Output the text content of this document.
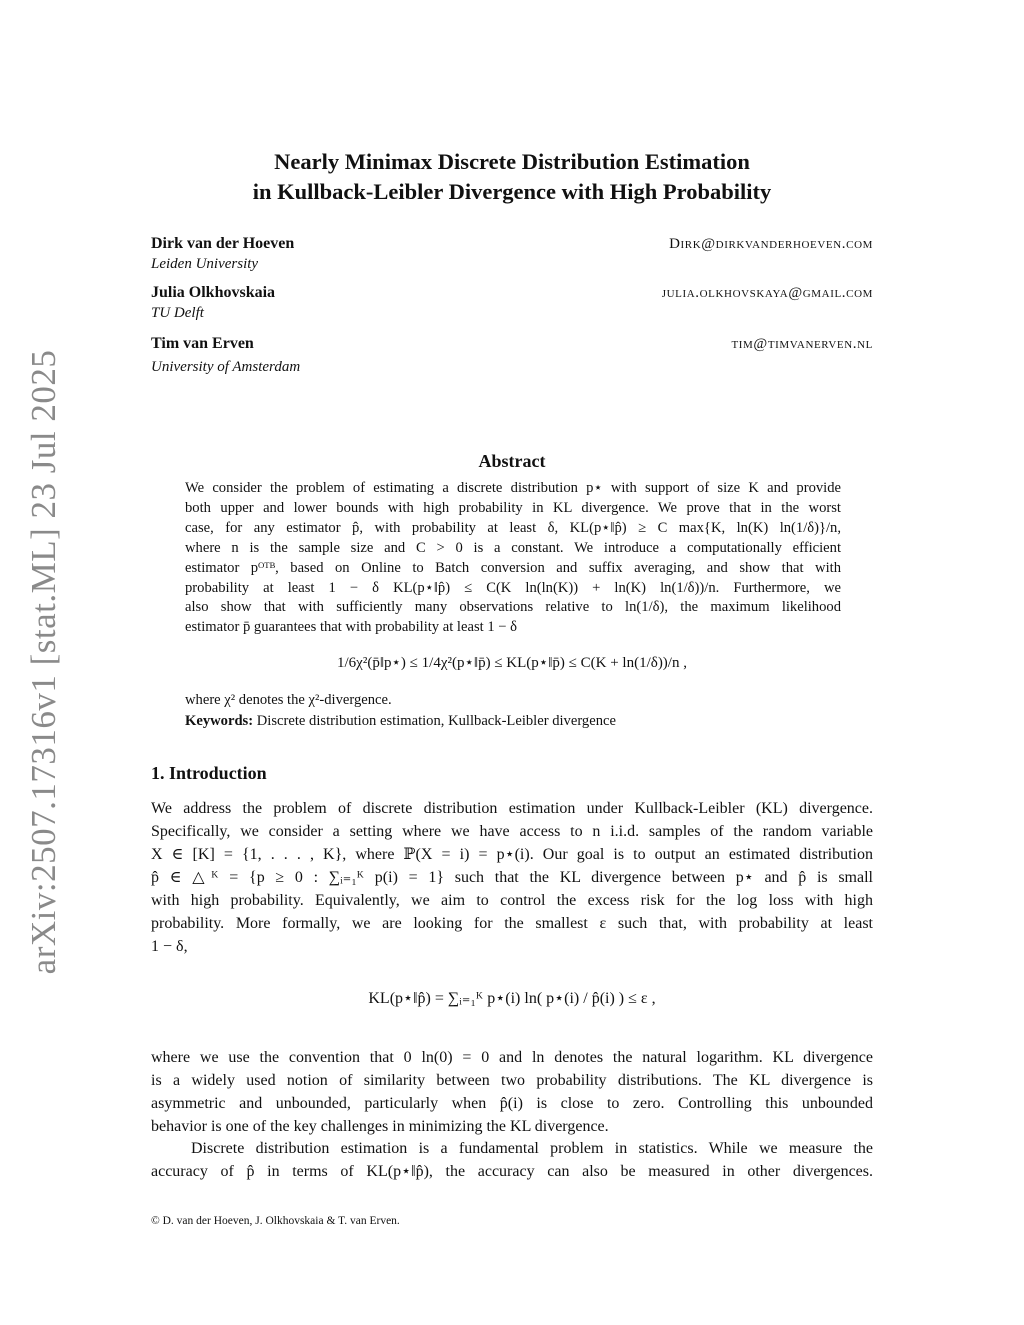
arXiv:2507.17316v1 [stat.ML] 23 Jul 2025
Nearly Minimax Discrete Distribution Estimation
in Kullback-Leibler Divergence with High Probability
Dirk van der Hoeven	Dirk@dirkvanderhoeven.com
Leiden University
Julia Olkhovskaia	julia.olkhovskaya@gmail.com
TU Delft
Tim van Erven	tim@timvanerven.nl
University of Amsterdam
Abstract
We consider the problem of estimating a discrete distribution p⋆ with support of size K and provide
both upper and lower bounds with high probability in KL divergence. We prove that in the worst
case, for any estimator p̂, with probability at least δ, KL(p⋆‖p̂) ≥ C max{K, ln(K) ln(1/δ)}/n,
where n is the sample size and C > 0 is a constant. We introduce a computationally efficient
estimator pᴼᵀᴮ, based on Online to Batch conversion and suffix averaging, and show that with
probability at least 1 − δ KL(p⋆‖p̂) ≤ C(K ln(ln(K)) + ln(K) ln(1/δ))/n. Furthermore, we
also show that with sufficiently many observations relative to ln(1/δ), the maximum likelihood
estimator p̄ guarantees that with probability at least 1 − δ
1/6χ²(p̄‖p⋆) ≤ 1/4χ²(p⋆‖p̄) ≤ KL(p⋆‖p̄) ≤ C(K + ln(1/δ))/n ,
where χ² denotes the χ²-divergence.
Keywords: Discrete distribution estimation, Kullback-Leibler divergence
1. Introduction
We address the problem of discrete distribution estimation under Kullback-Leibler (KL) divergence.
Specifically, we consider a setting where we have access to n i.i.d. samples of the random variable
X ∈ [K] = {1, . . . , K}, where ℙ(X = i) = p⋆(i). Our goal is to output an estimated distribution
p̂ ∈ △ᴷ = {p ≥ 0 : ∑ᵢ₌₁ᴷ p(i) = 1} such that the KL divergence between p⋆ and p̂ is small
with high probability. Equivalently, we aim to control the excess risk for the log loss with high
probability. More formally, we are looking for the smallest ε such that, with probability at least
1 − δ,
KL(p⋆‖p̂) = ∑ᵢ₌₁ᴷ p⋆(i) ln( p⋆(i) / p̂(i) ) ≤ ε ,
where we use the convention that 0 ln(0) = 0 and ln denotes the natural logarithm. KL divergence
is a widely used notion of similarity between two probability distributions. The KL divergence is
asymmetric and unbounded, particularly when p̂(i) is close to zero. Controlling this unbounded
behavior is one of the key challenges in minimizing the KL divergence.
Discrete distribution estimation is a fundamental problem in statistics. While we measure the
accuracy of p̂ in terms of KL(p⋆‖p̂), the accuracy can also be measured in other divergences.
© D. van der Hoeven, J. Olkhovskaia & T. van Erven.
